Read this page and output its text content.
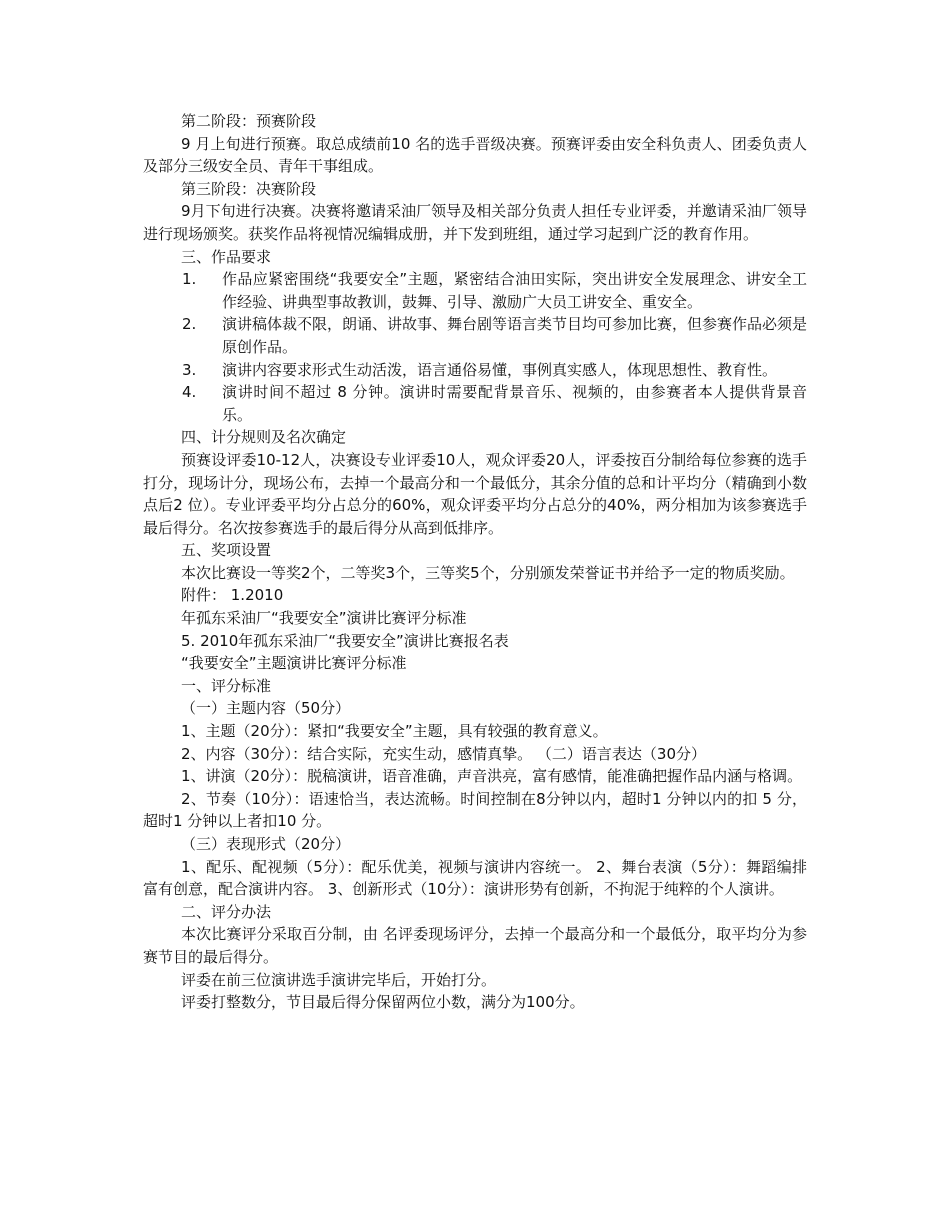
第二阶段：预赛阶段

9 月上旬进行预赛。取总成绩前10 名的选手晋级决赛。预赛评委由安全科负责人、团委负责人及部分三级安全员、青年干事组成。

第三阶段：决赛阶段

9月下旬进行决赛。决赛将邀请采油厂领导及相关部分负责人担任专业评委，并邀请采油厂领导进行现场颁奖。获奖作品将视情况编辑成册，并下发到班组，通过学习起到广泛的教育作用。

三、作品要求

1.	作品应紧密围绕“我要安全”主题，紧密结合油田实际，突出讲安全发展理念、讲安全工作经验、讲典型事故教训，鼓舞、引导、激励广大员工讲安全、重安全。
2.	演讲稿体裁不限，朗诵、讲故事、舞台剧等语言类节目均可参加比赛，但参赛作品必须是原创作品。
3.	演讲内容要求形式生动活泼，语言通俗易懂，事例真实感人，体现思想性、教育性。
4.	演讲时间不超过 8 分钟。演讲时需要配背景音乐、视频的，由参赛者本人提供背景音乐。

四、计分规则及名次确定

预赛设评委10-12人，决赛设专业评委10人，观众评委20人，评委按百分制给每位参赛的选手打分，现场计分，现场公布，去掉一个最高分和一个最低分，其余分值的总和计平均分（精确到小数点后2 位）。专业评委平均分占总分的60%，观众评委平均分占总分的40%，两分相加为该参赛选手最后得分。名次按参赛选手的最后得分从高到低排序。

五、奖项设置

本次比赛设一等奖2个，二等奖3个，三等奖5个，分别颁发荣誉证书并给予一定的物质奖励。

附件： 1.2010

年孤东采油厂“我要安全”演讲比赛评分标准

5. 2010年孤东采油厂“我要安全”演讲比赛报名表

“我要安全”主题演讲比赛评分标准

一、评分标准

（一）主题内容（50分）

1、主题（20分）：紧扣“我要安全”主题，具有较强的教育意义。

2、内容（30分）：结合实际，充实生动，感情真挚。 （二）语言表达（30分）

1、讲演（20分）：脱稿演讲，语音准确，声音洪亮，富有感情，能准确把握作品内涵与格调。

2、节奏（10分）：语速恰当，表达流畅。时间控制在8分钟以内，超时1 分钟以内的扣 5 分，超时1 分钟以上者扣10 分。

（三）表现形式（20分）

1、配乐、配视频（5分）：配乐优美，视频与演讲内容统一。 2、舞台表演（5分）：舞蹈编排富有创意，配合演讲内容。 3、创新形式（10分）：演讲形势有创新，不拘泥于纯粹的个人演讲。

二、评分办法

本次比赛评分采取百分制，由 名评委现场评分，去掉一个最高分和一个最低分，取平均分为参赛节目的最后得分。

评委在前三位演讲选手演讲完毕后，开始打分。

评委打整数分，节目最后得分保留两位小数，满分为100分。
